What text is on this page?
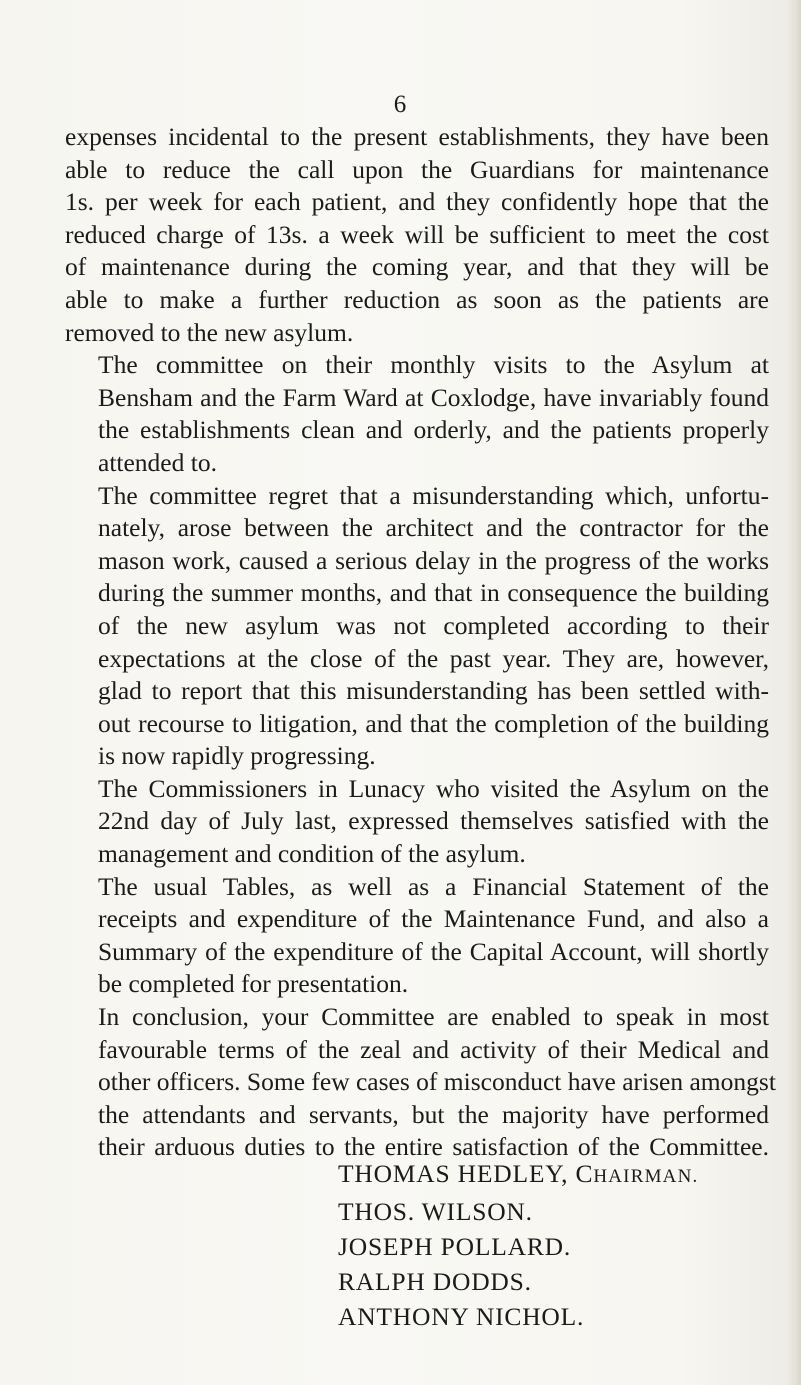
6

expenses incidental to the present establishments, they have been
able to reduce the call upon the Guardians for maintenance
1s. per week for each patient, and they confidently hope that the
reduced charge of 13s. a week will be sufficient to meet the cost
of maintenance during the coming year, and that they will be
able to make a further reduction as soon as the patients are
removed to the new asylum.

The committee on their monthly visits to the Asylum at
Bensham and the Farm Ward at Coxlodge, have invariably found
the establishments clean and orderly, and the patients properly
attended to.

The committee regret that a misunderstanding which, unfortu-
nately, arose between the architect and the contractor for the
mason work, caused a serious delay in the progress of the works
during the summer months, and that in consequence the building
of the new asylum was not completed according to their
expectations at the close of the past year. They are, however,
glad to report that this misunderstanding has been settled with-
out recourse to litigation, and that the completion of the building
is now rapidly progressing.

The Commissioners in Lunacy who visited the Asylum on the
22nd day of July last, expressed themselves satisfied with the
management and condition of the asylum.

The usual Tables, as well as a Financial Statement of the
receipts and expenditure of the Maintenance Fund, and also a
Summary of the expenditure of the Capital Account, will shortly
be completed for presentation.

In conclusion, your Committee are enabled to speak in most
favourable terms of the zeal and activity of their Medical and
other officers. Some few cases of misconduct have arisen amongst
the attendants and servants, but the majority have performed
their arduous duties to the entire satisfaction of the Committee.

THOMAS HEDLEY, CHAIRMAN.
THOS. WILSON.
JOSEPH POLLARD.
RALPH DODDS.
ANTHONY NICHOL.
